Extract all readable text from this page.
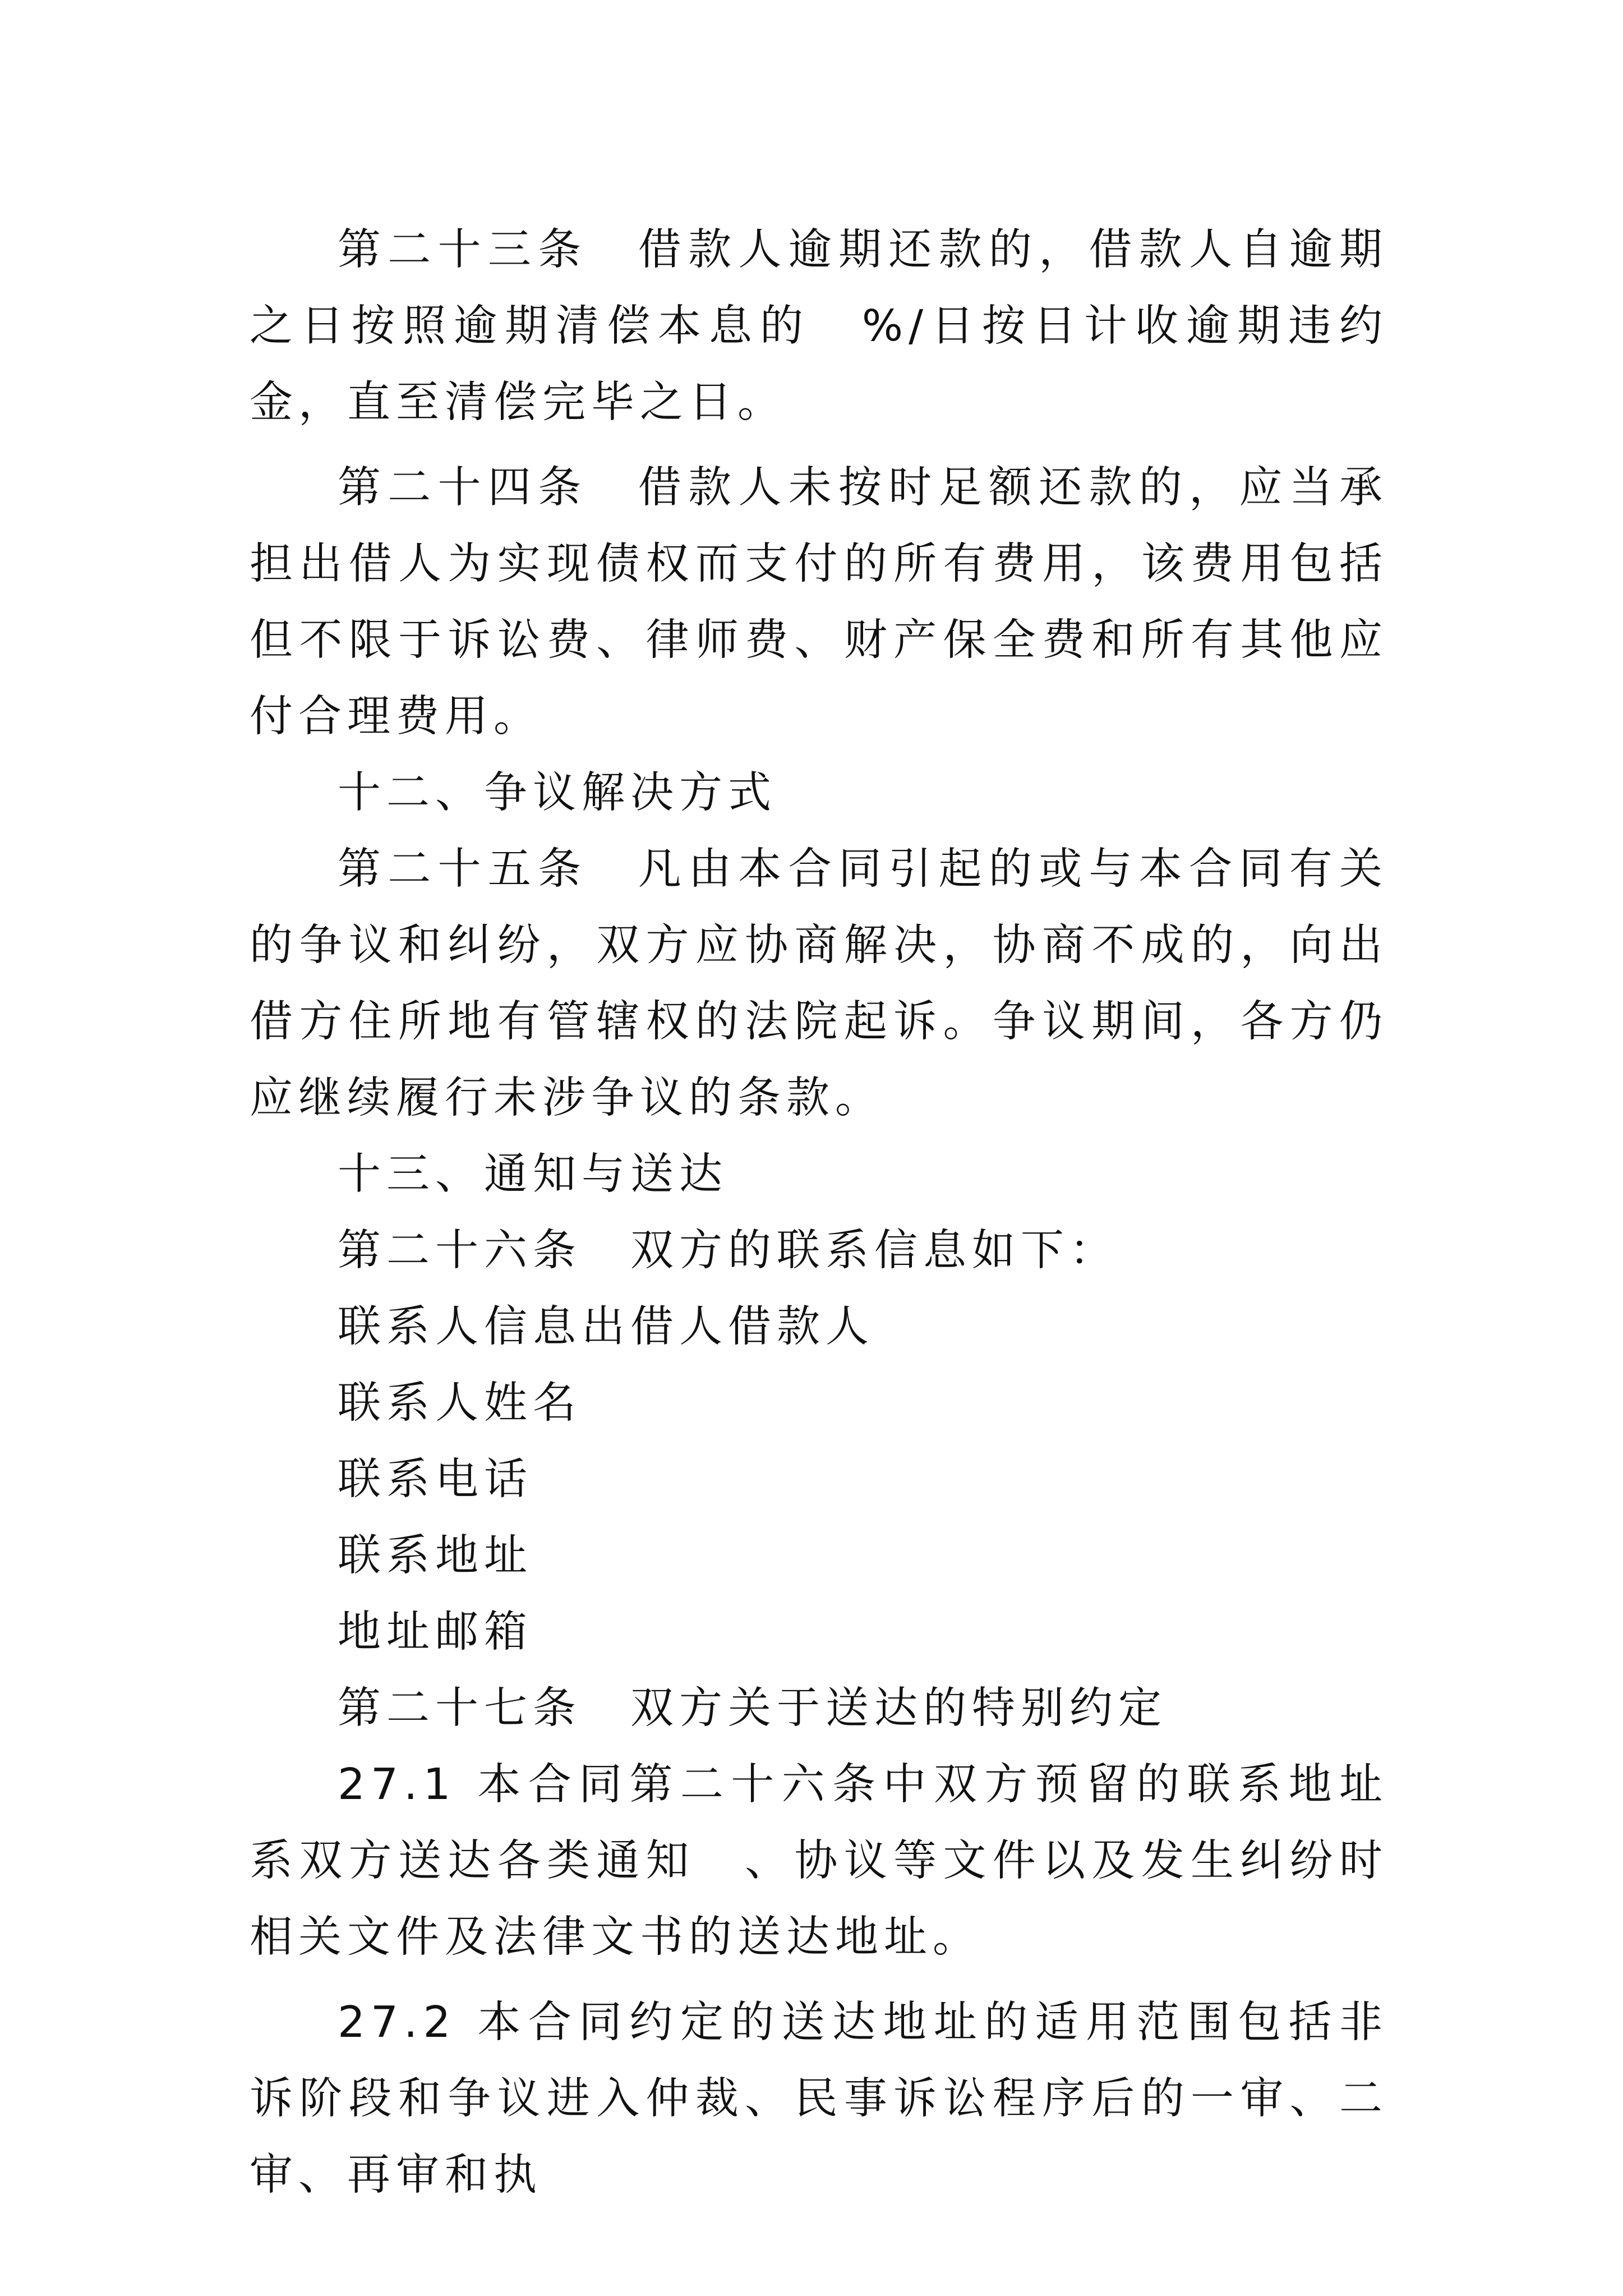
第二十三条　借款人逾期还款的，借款人自逾期之日按照逾期清偿本息的　%/日按日计收逾期违约金，直至清偿完毕之日。

第二十四条　借款人未按时足额还款的，应当承担出借人为实现债权而支付的所有费用，该费用包括但不限于诉讼费、律师费、财产保全费和所有其他应付合理费用。

十二、争议解决方式

第二十五条　凡由本合同引起的或与本合同有关的争议和纠纷，双方应协商解决，协商不成的，向出借方住所地有管辖权的法院起诉。争议期间，各方仍应继续履行未涉争议的条款。

十三、通知与送达

第二十六条　双方的联系信息如下：

联系人信息出借人借款人

联系人姓名

联系电话

联系地址

地址邮箱

第二十七条　双方关于送达的特别约定

27.1 本合同第二十六条中双方预留的联系地址系双方送达各类通知　、协议等文件以及发生纠纷时相关文件及法律文书的送达地址。

27.2 本合同约定的送达地址的适用范围包括非诉阶段和争议进入仲裁、民事诉讼程序后的一审、二审、再审和执
